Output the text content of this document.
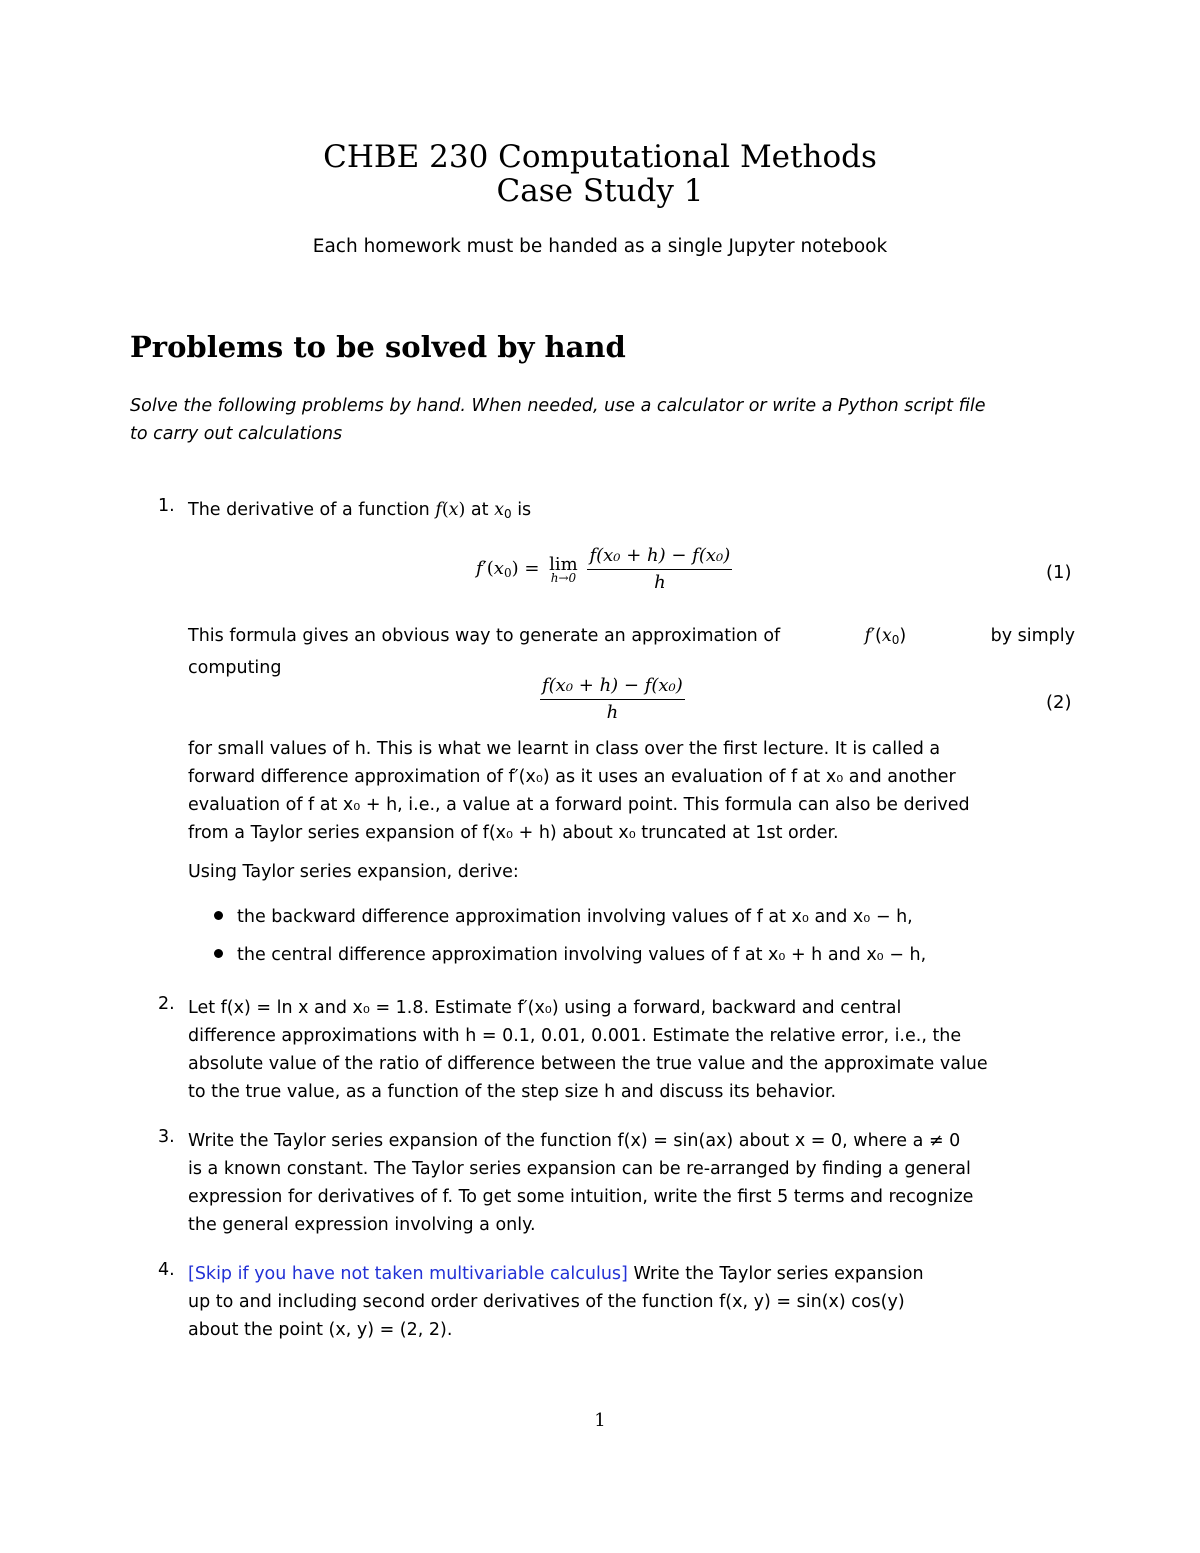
CHBE 230 Computational Methods
Case Study 1
Each homework must be handed as a single Jupyter notebook
Problems to be solved by hand
Solve the following problems by hand. When needed, use a calculator or write a Python script file
to carry out calculations
1. The derivative of a function f(x) at $x_0$ is
$f'(x_0) = \lim$
h→0
$\frac{\text{f(x₀ + h) − f(x₀)}}{h}$	(1)
This formula gives an obvious way to generate an approximation of	$f'(x_0)$	by simply
computing
$\frac{\text{f(x₀ + h) − f(x₀)}}{h}$	(2)
for small values of h. This is what we learnt in class over the first lecture. It is called a
forward difference approximation of f′(x₀) as it uses an evaluation of f at x₀ and another
evaluation of f at x₀ + h, i.e., a value at a forward point. This formula can also be derived
from a Taylor series expansion of f(x₀ + h) about x₀ truncated at 1st order.
Using Taylor series expansion, derive:
the backward difference approximation involving values of f at x₀ and x₀ − h,
the central difference approximation involving values of f at x₀ + h and x₀ − h,
2. Let f(x) = ln x and x₀ = 1.8. Estimate f′(x₀) using a forward, backward and central
difference approximations with h = 0.1, 0.01, 0.001. Estimate the relative error, i.e., the
absolute value of the ratio of difference between the true value and the approximate value
to the true value, as a function of the step size h and discuss its behavior.
3. Write the Taylor series expansion of the function f(x) = sin(ax) about x = 0, where a ≠ 0
is a known constant. The Taylor series expansion can be re-arranged by finding a general
expression for derivatives of f. To get some intuition, write the first 5 terms and recognize
the general expression involving a only.
4. [Skip if you have not taken multivariable calculus] Write the Taylor series expansion
up to and including second order derivatives of the function f(x, y) = sin(x) cos(y)
about the point (x, y) = (2, 2).
1
